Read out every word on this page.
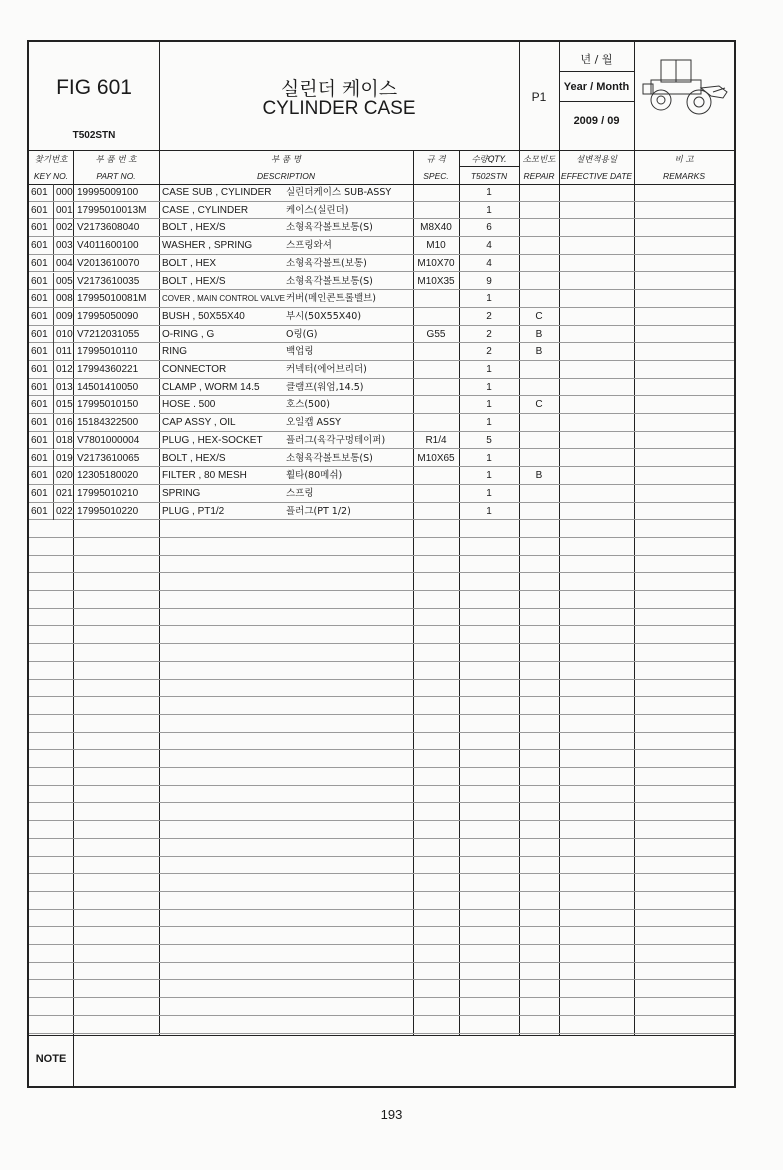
FIG 601
T502STN
실린더 케이스
CYLINDER CASE
P1
년 / 월
Year / Month
2009 / 09
찾기번호
KEY NO.
부 품 번 호
PART NO.
부 품 명
DESCRIPTION
규 격
SPEC.
수량QTY.
T502STN
소모빈도
REPAIR
설변적용일
EFFECTIVE DATE
비 고
REMARKS
601 000 19995009100	CASE SUB , CYLINDER	실린더케이스 SUB-ASSY	1
601 001 17995010013M	CASE , CYLINDER	케이스(실린더)	1
601 002 V2173608040	BOLT , HEX/S	소형육각볼트보통(S)	M8X40	6
601 003 V4011600100	WASHER , SPRING	스프링와셔	M10	4
601 004 V2013610070	BOLT , HEX	소형육각볼트(보통)	M10X70	4
601 005 V2173610035	BOLT , HEX/S	소형육각볼트보통(S)	M10X35	9
601 008 17995010081M	COVER , MAIN CONTROL VALVE 커버(메인콘트롤밸브)	1
601 009 17995050090	BUSH , 50X55X40	부시(50X55X40)	2	C
601 010 V7212031055	O-RING , G	O링(G)	G55	2	B
601 011 17995010110	RING	백업링	2	B
601 012 17994360221	CONNECTOR	커넥터(에어브리더)	1
601 013 14501410050	CLAMP , WORM 14.5	클램프(워엄,14.5)	1
601 015 17995010150	HOSE . 500	호스(500)	1	C
601 016 15184322500	CAP ASSY , OIL	오일캡 ASSY	1
601 018 V7801000004	PLUG , HEX-SOCKET	플러그(육각구멍테이퍼)	R1/4	5
601 019 V2173610065	BOLT , HEX/S	소형육각볼트보통(S)	M10X65	1
601 020 12305180020	FILTER , 80 MESH	휠타(80메쉬)	1	B
601 021 17995010210	SPRING	스프링	1
601 022 17995010220	PLUG , PT1/2	플러그(PT 1/2)	1
NOTE
193
